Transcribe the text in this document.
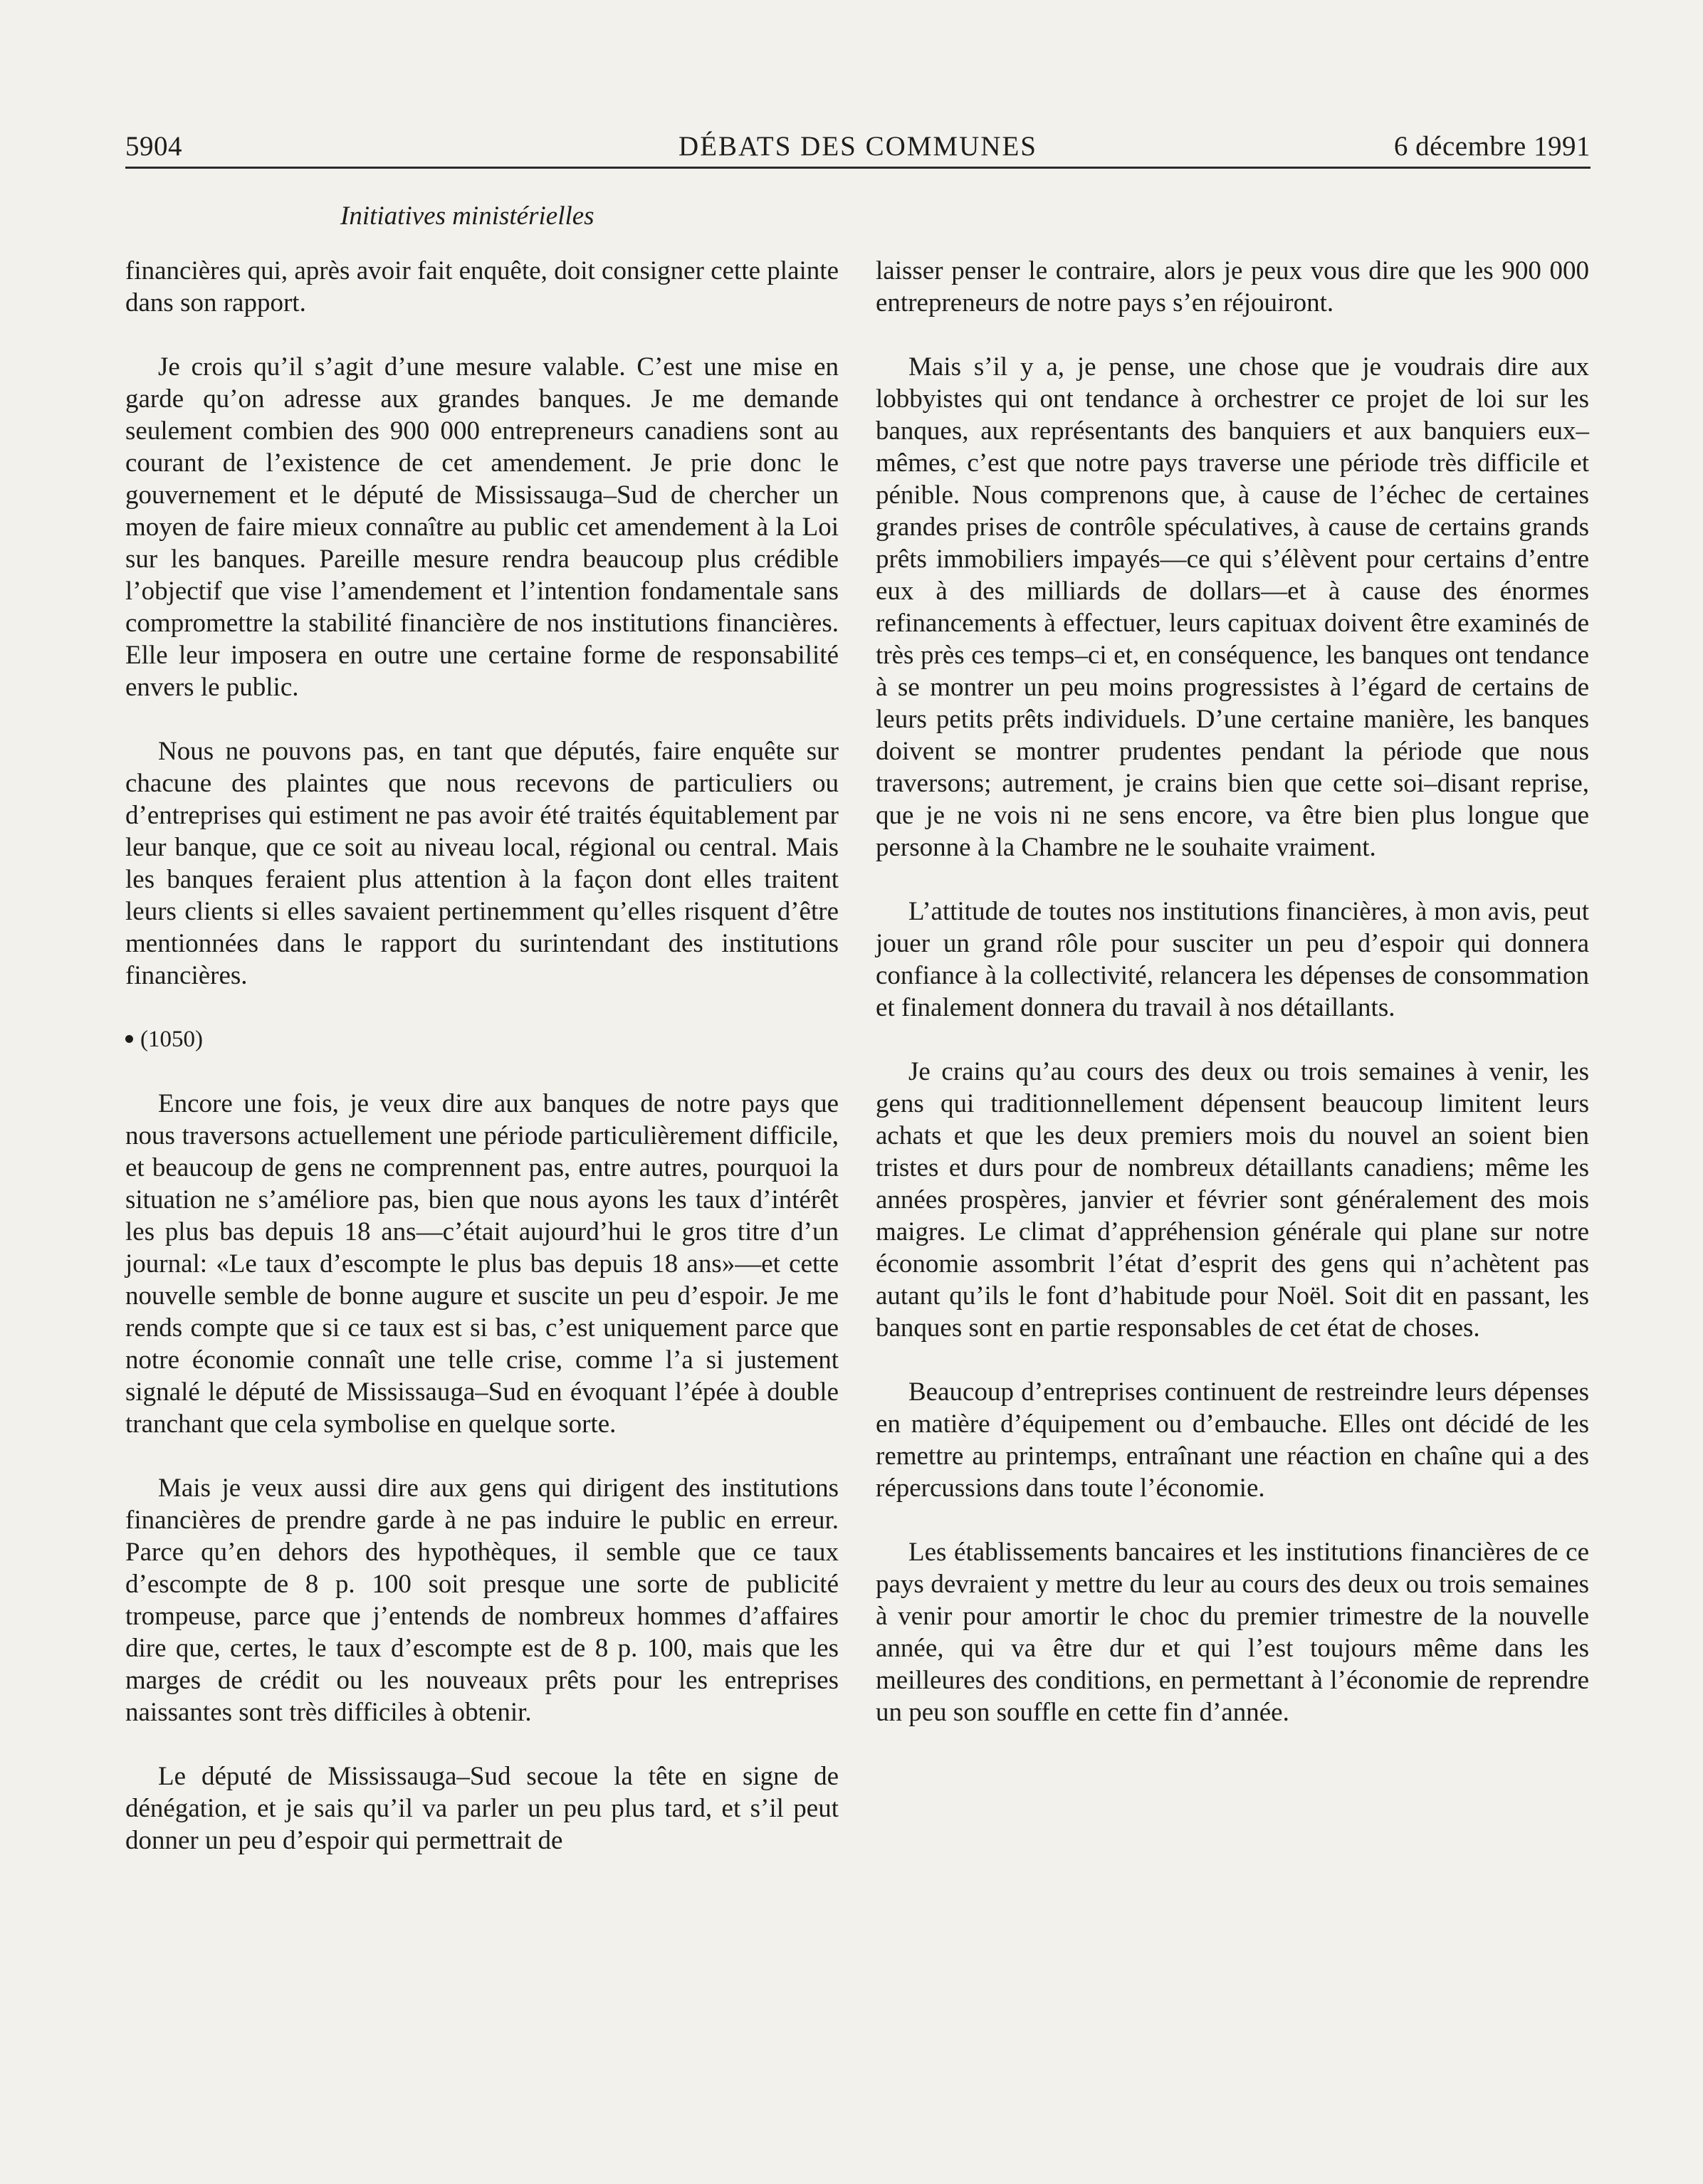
5904	DÉBATS DES COMMUNES	6 décembre 1991
Initiatives ministérielles

financières qui, après avoir fait enquête, doit consigner cette plainte dans son rapport.

Je crois qu’il s’agit d’une mesure valable. C’est une mise en garde qu’on adresse aux grandes banques. Je me demande seulement combien des 900 000 entrepreneurs canadiens sont au courant de l’existence de cet amendement. Je prie donc le gouvernement et le député de Mississauga–Sud de chercher un moyen de faire mieux connaître au public cet amendement à la Loi sur les banques. Pareille mesure rendra beaucoup plus crédible l’objectif que vise l’amendement et l’intention fondamentale sans compromettre la stabilité financière de nos institutions financières. Elle leur imposera en outre une certaine forme de responsabilité envers le public.

Nous ne pouvons pas, en tant que députés, faire enquête sur chacune des plaintes que nous recevons de particuliers ou d’entreprises qui estiment ne pas avoir été traités équitablement par leur banque, que ce soit au niveau local, régional ou central. Mais les banques feraient plus attention à la façon dont elles traitent leurs clients si elles savaient pertinemment qu’elles risquent d’être mentionnées dans le rapport du surintendant des institutions financières.

(1050)

Encore une fois, je veux dire aux banques de notre pays que nous traversons actuellement une période particulièrement difficile, et beaucoup de gens ne comprennent pas, entre autres, pourquoi la situation ne s’améliore pas, bien que nous ayons les taux d’intérêt les plus bas depuis 18 ans—c’était aujourd’hui le gros titre d’un journal: «Le taux d’escompte le plus bas depuis 18 ans»—et cette nouvelle semble de bonne augure et suscite un peu d’espoir. Je me rends compte que si ce taux est si bas, c’est uniquement parce que notre économie connaît une telle crise, comme l’a si justement signalé le député de Mississauga–Sud en évoquant l’épée à double tranchant que cela symbolise en quelque sorte.

Mais je veux aussi dire aux gens qui dirigent des institutions financières de prendre garde à ne pas induire le public en erreur. Parce qu’en dehors des hypothèques, il semble que ce taux d’escompte de 8 p. 100 soit presque une sorte de publicité trompeuse, parce que j’entends de nombreux hommes d’affaires dire que, certes, le taux d’escompte est de 8 p. 100, mais que les marges de crédit ou les nouveaux prêts pour les entreprises naissantes sont très difficiles à obtenir.

Le député de Mississauga–Sud secoue la tête en signe de dénégation, et je sais qu’il va parler un peu plus tard, et s’il peut donner un peu d’espoir qui permettrait de

laisser penser le contraire, alors je peux vous dire que les 900 000 entrepreneurs de notre pays s’en réjouiront.

Mais s’il y a, je pense, une chose que je voudrais dire aux lobbyistes qui ont tendance à orchestrer ce projet de loi sur les banques, aux représentants des banquiers et aux banquiers eux–mêmes, c’est que notre pays traverse une période très difficile et pénible. Nous comprenons que, à cause de l’échec de certaines grandes prises de contrôle spéculatives, à cause de certains grands prêts immobiliers impayés—ce qui s’élèvent pour certains d’entre eux à des milliards de dollars—et à cause des énormes refinancements à effectuer, leurs capituax doivent être examinés de très près ces temps–ci et, en conséquence, les banques ont tendance à se montrer un peu moins progressistes à l’égard de certains de leurs petits prêts individuels. D’une certaine manière, les banques doivent se montrer prudentes pendant la période que nous traversons; autrement, je crains bien que cette soi–disant reprise, que je ne vois ni ne sens encore, va être bien plus longue que personne à la Chambre ne le souhaite vraiment.

L’attitude de toutes nos institutions financières, à mon avis, peut jouer un grand rôle pour susciter un peu d’espoir qui donnera confiance à la collectivité, relancera les dépenses de consommation et finalement donnera du travail à nos détaillants.

Je crains qu’au cours des deux ou trois semaines à venir, les gens qui traditionnellement dépensent beaucoup limitent leurs achats et que les deux premiers mois du nouvel an soient bien tristes et durs pour de nombreux détaillants canadiens; même les années prospères, janvier et février sont généralement des mois maigres. Le climat d’appréhension générale qui plane sur notre économie assombrit l’état d’esprit des gens qui n’achètent pas autant qu’ils le font d’habitude pour Noël. Soit dit en passant, les banques sont en partie responsables de cet état de choses.

Beaucoup d’entreprises continuent de restreindre leurs dépenses en matière d’équipement ou d’embauche. Elles ont décidé de les remettre au printemps, entraînant une réaction en chaîne qui a des répercussions dans toute l’économie.

Les établissements bancaires et les institutions financières de ce pays devraient y mettre du leur au cours des deux ou trois semaines à venir pour amortir le choc du premier trimestre de la nouvelle année, qui va être dur et qui l’est toujours même dans les meilleures des conditions, en permettant à l’économie de reprendre un peu son souffle en cette fin d’année.
